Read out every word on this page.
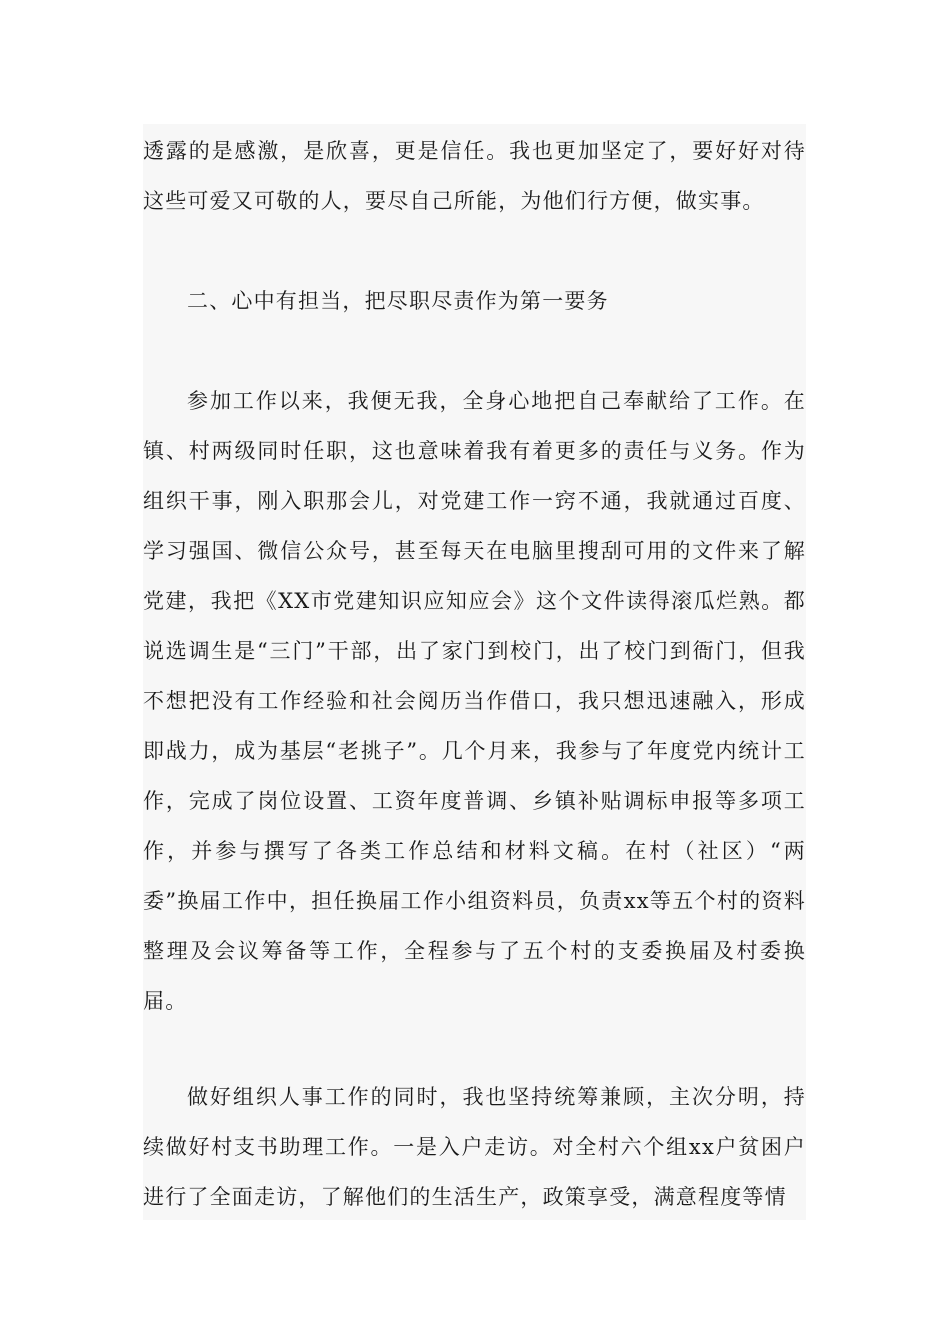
透露的是感激，是欣喜，更是信任。我也更加坚定了，要好好对待这些可爱又可敬的人，要尽自己所能，为他们行方便，做实事。

二、心中有担当，把尽职尽责作为第一要务

参加工作以来，我便无我，全身心地把自己奉献给了工作。在镇、村两级同时任职，这也意味着我有着更多的责任与义务。作为组织干事，刚入职那会儿，对党建工作一窍不通，我就通过百度、学习强国、微信公众号，甚至每天在电脑里搜刮可用的文件来了解党建，我把《XX市党建知识应知应会》这个文件读得滚瓜烂熟。都说选调生是“三门”干部，出了家门到校门，出了校门到衙门，但我不想把没有工作经验和社会阅历当作借口，我只想迅速融入，形成即战力，成为基层“老挑子”。几个月来，我参与了年度党内统计工作，完成了岗位设置、工资年度普调、乡镇补贴调标申报等多项工作，并参与撰写了各类工作总结和材料文稿。在村（社区）“两委”换届工作中，担任换届工作小组资料员，负责xx等五个村的资料整理及会议筹备等工作，全程参与了五个村的支委换届及村委换届。

做好组织人事工作的同时，我也坚持统筹兼顾，主次分明，持续做好村支书助理工作。一是入户走访。对全村六个组xx户贫困户进行了全面走访，了解他们的生活生产，政策享受，满意程度等情
